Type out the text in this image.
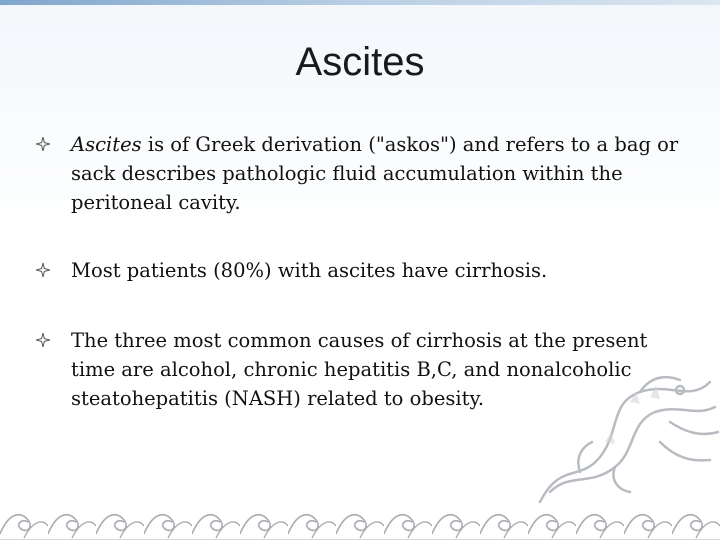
Ascites
Ascites is of Greek derivation ("askos") and refers to a bag or sack describes pathologic fluid accumulation within the peritoneal cavity.
Most patients (80%) with ascites have cirrhosis.
The three most common causes of cirrhosis at the present time are alcohol, chronic hepatitis B,C, and nonalcoholic steatohepatitis (NASH) related to obesity.
